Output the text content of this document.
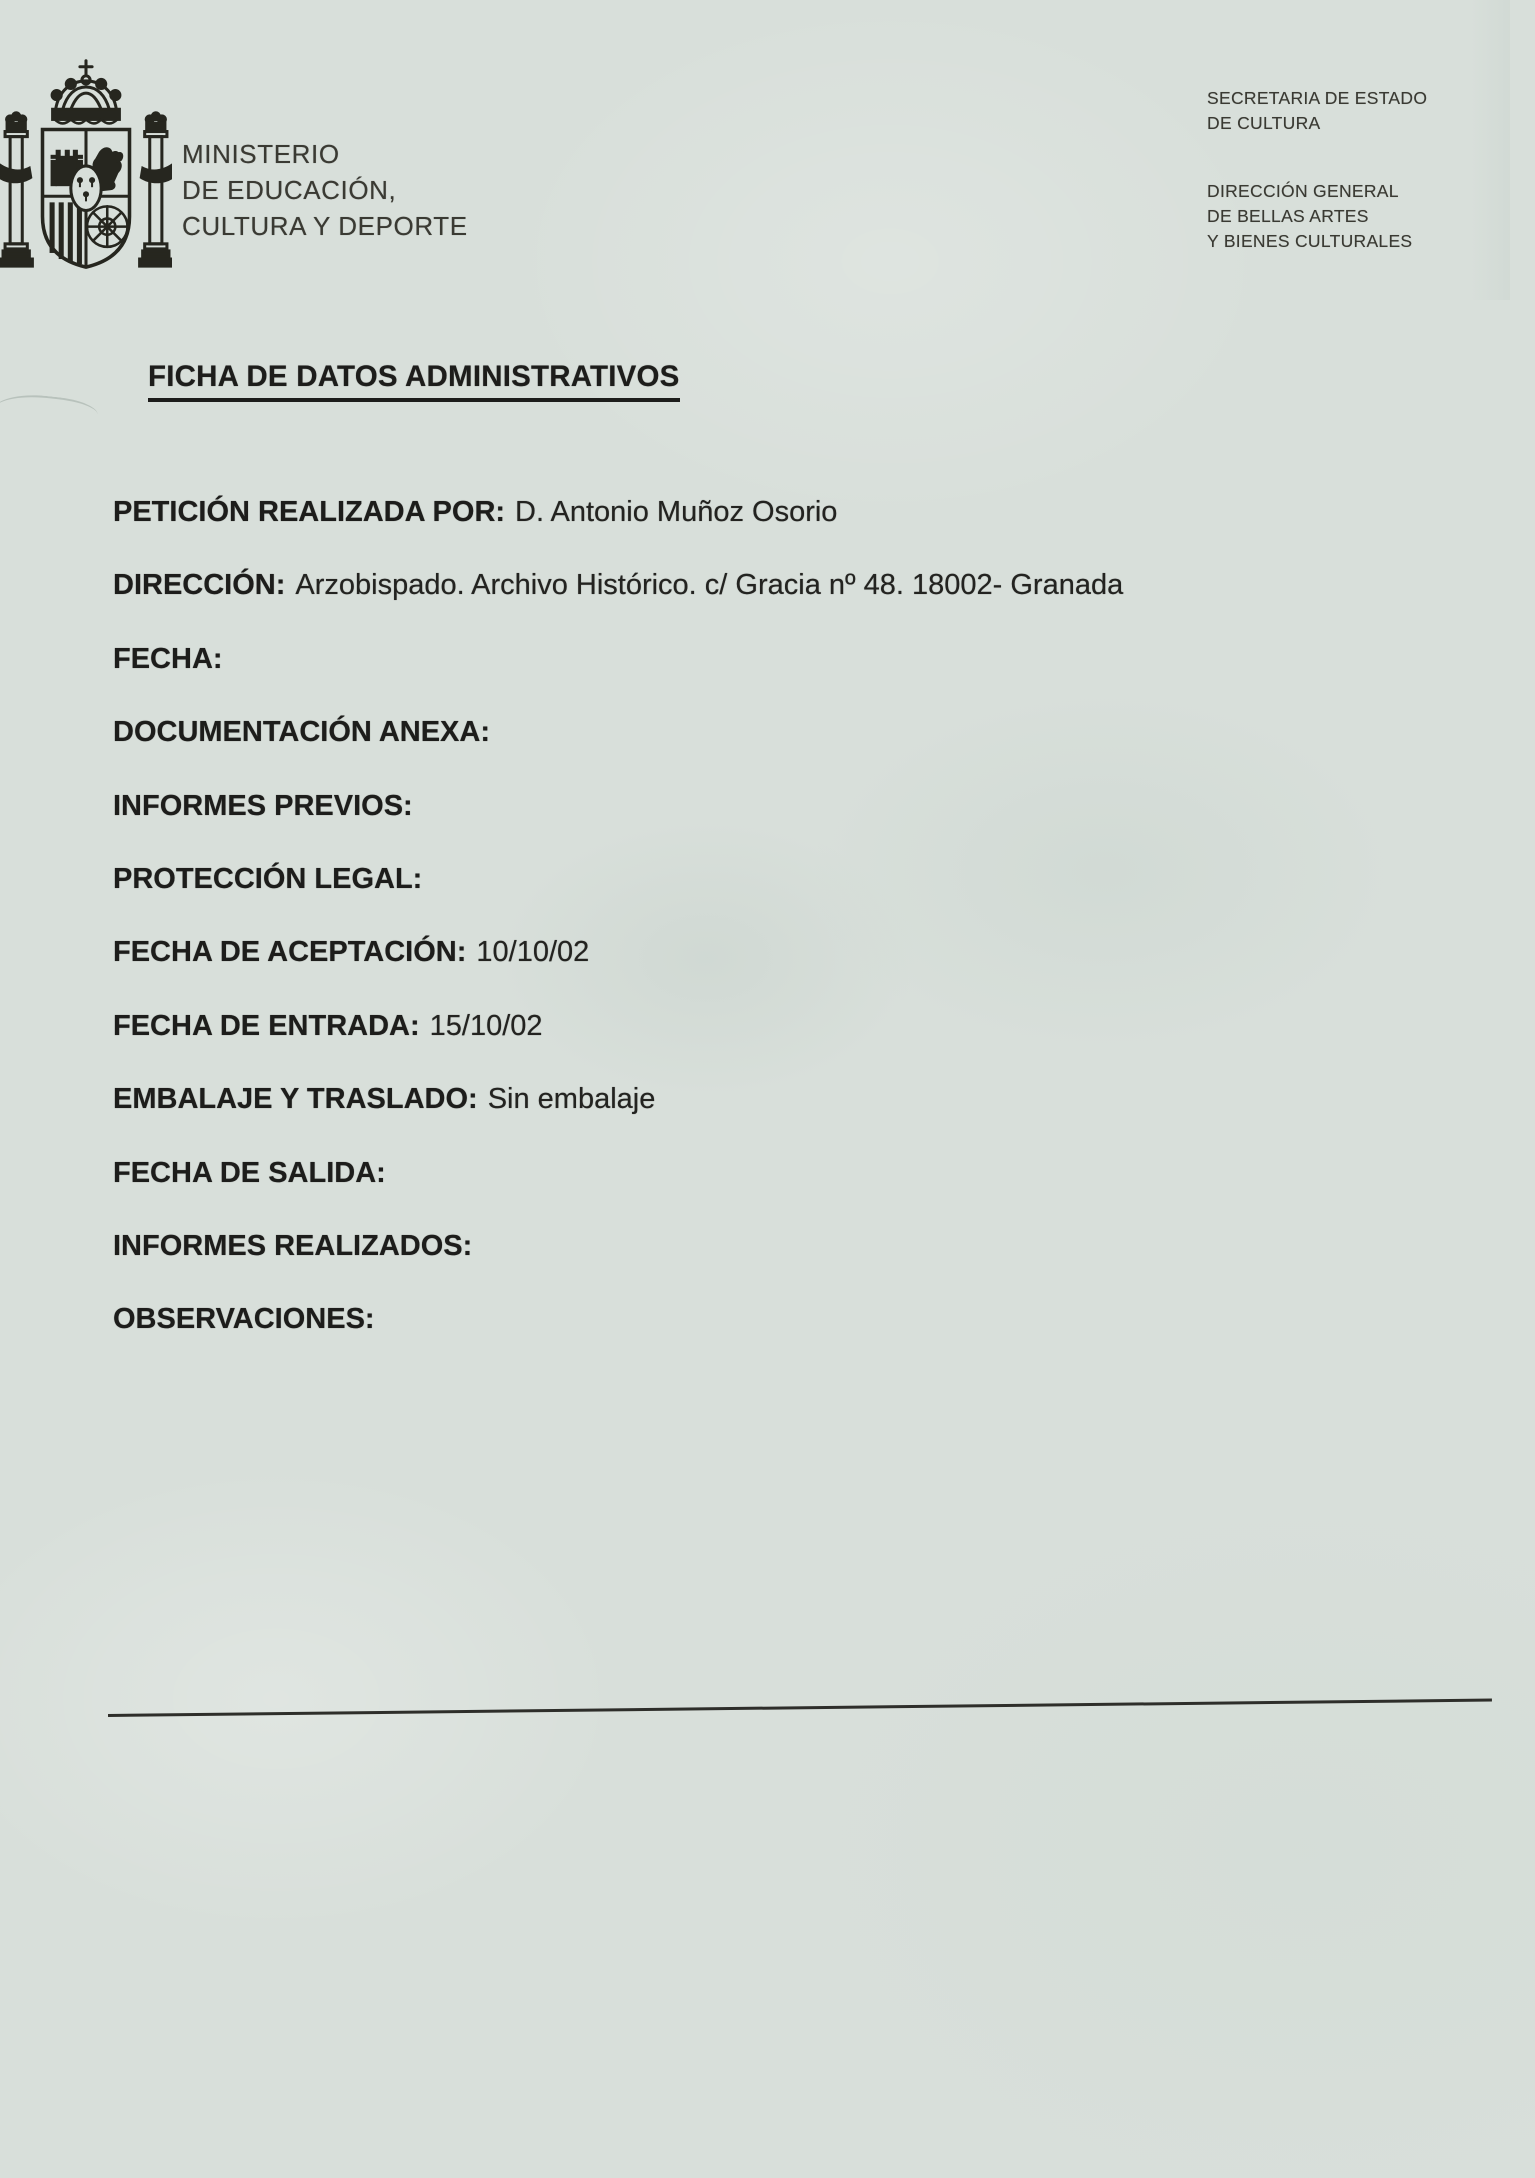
MINISTERIO
DE EDUCACIÓN,
CULTURA Y DEPORTE
SECRETARIA DE ESTADO
DE CULTURA
DIRECCIÓN GENERAL
DE BELLAS ARTES
Y BIENES CULTURALES
FICHA DE DATOS ADMINISTRATIVOS
PETICIÓN REALIZADA POR: D. Antonio Muñoz Osorio
DIRECCIÓN: Arzobispado. Archivo Histórico. c/ Gracia nº 48. 18002- Granada
FECHA:
DOCUMENTACIÓN ANEXA:
INFORMES PREVIOS:
PROTECCIÓN LEGAL:
FECHA DE ACEPTACIÓN: 10/10/02
FECHA DE ENTRADA: 15/10/02
EMBALAJE Y TRASLADO: Sin embalaje
FECHA DE SALIDA:
INFORMES REALIZADOS:
OBSERVACIONES:
